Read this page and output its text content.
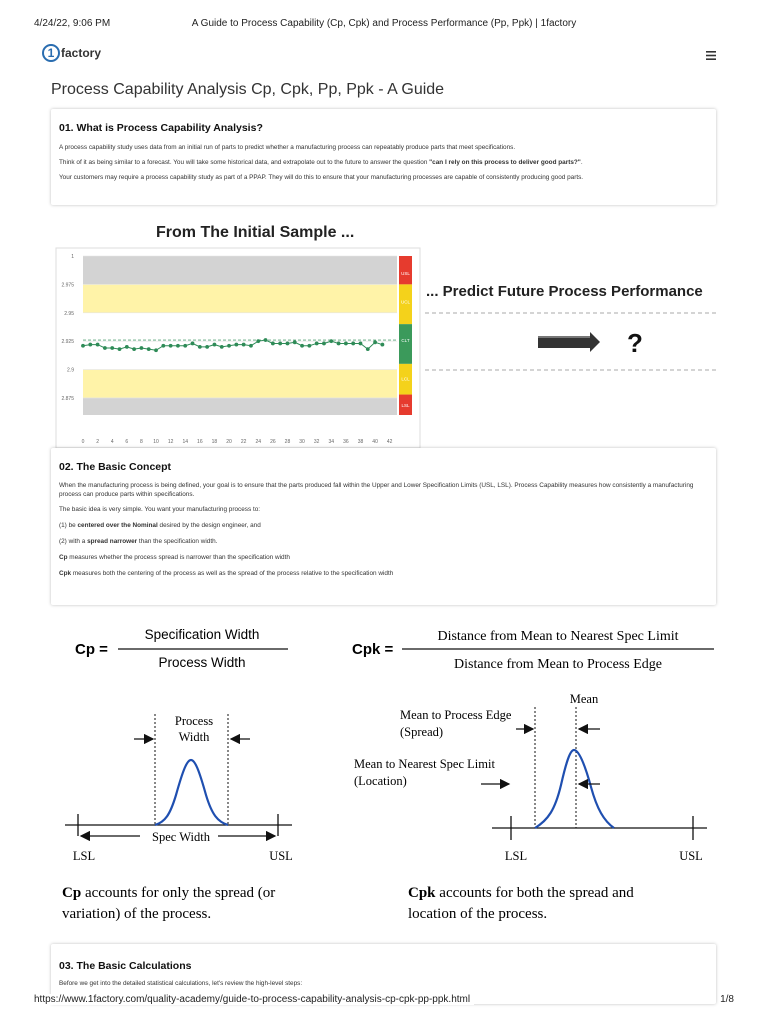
4/24/22, 9:06 PM	A Guide to Process Capability (Cp, Cpk) and Process Performance (Pp, Ppk) | 1factory
1 factory
Process Capability Analysis Cp, Cpk, Pp, Ppk - A Guide
01. What is Process Capability Analysis?

A process capability study uses data from an initial run of parts to predict whether a manufacturing process can repeatably produce parts that meet specifications.

Think of it as being similar to a forecast. You will take some historical data, and extrapolate out to the future to answer the question "can I rely on this process to deliver good parts?".

Your customers may require a process capability study as part of a PPAP. They will do this to ensure that your manufacturing processes are capable of consistently producing good parts.

From The Initial Sample ...
... Predict Future Process Performance
1
2.975
2.95
2.925
2.9
2.875
0 2 4 6 8 10 12 14 16 18 20 22 24 26 28 30 32 34 36 38 40 42
USL
UCL
CLT
LCL
LSL
?
02. The Basic Concept

When the manufacturing process is being defined, your goal is to ensure that the parts produced fall within the Upper and Lower Specification Limits (USL, LSL). Process Capability measures how consistently a manufacturing process can produce parts within specifications.

The basic idea is very simple. You want your manufacturing process to:

(1) be centered over the Nominal desired by the design engineer, and

(2) with a spread narrower than the specification width.

Cp measures whether the process spread is narrower than the specification width

Cpk measures both the centering of the process as well as the spread of the process relative to the specification width

Cp =
Specification Width
Process Width
Cpk =
Distance from Mean to Nearest Spec Limit
Distance from Mean to Process Edge
Process
Width
Spec Width
LSL	USL
Mean
Mean to Process Edge
(Spread)
Mean to Nearest Spec Limit
(Location)
LSL	USL
Cp accounts for only the spread (or
variation) of the process.
Cpk accounts for both the spread and
location of the process.
03. The Basic Calculations

Before we get into the detailed statistical calculations, let's review the high-level steps:

https://www.1factory.com/quality-academy/guide-to-process-capability-analysis-cp-cpk-pp-ppk.html	1/8
